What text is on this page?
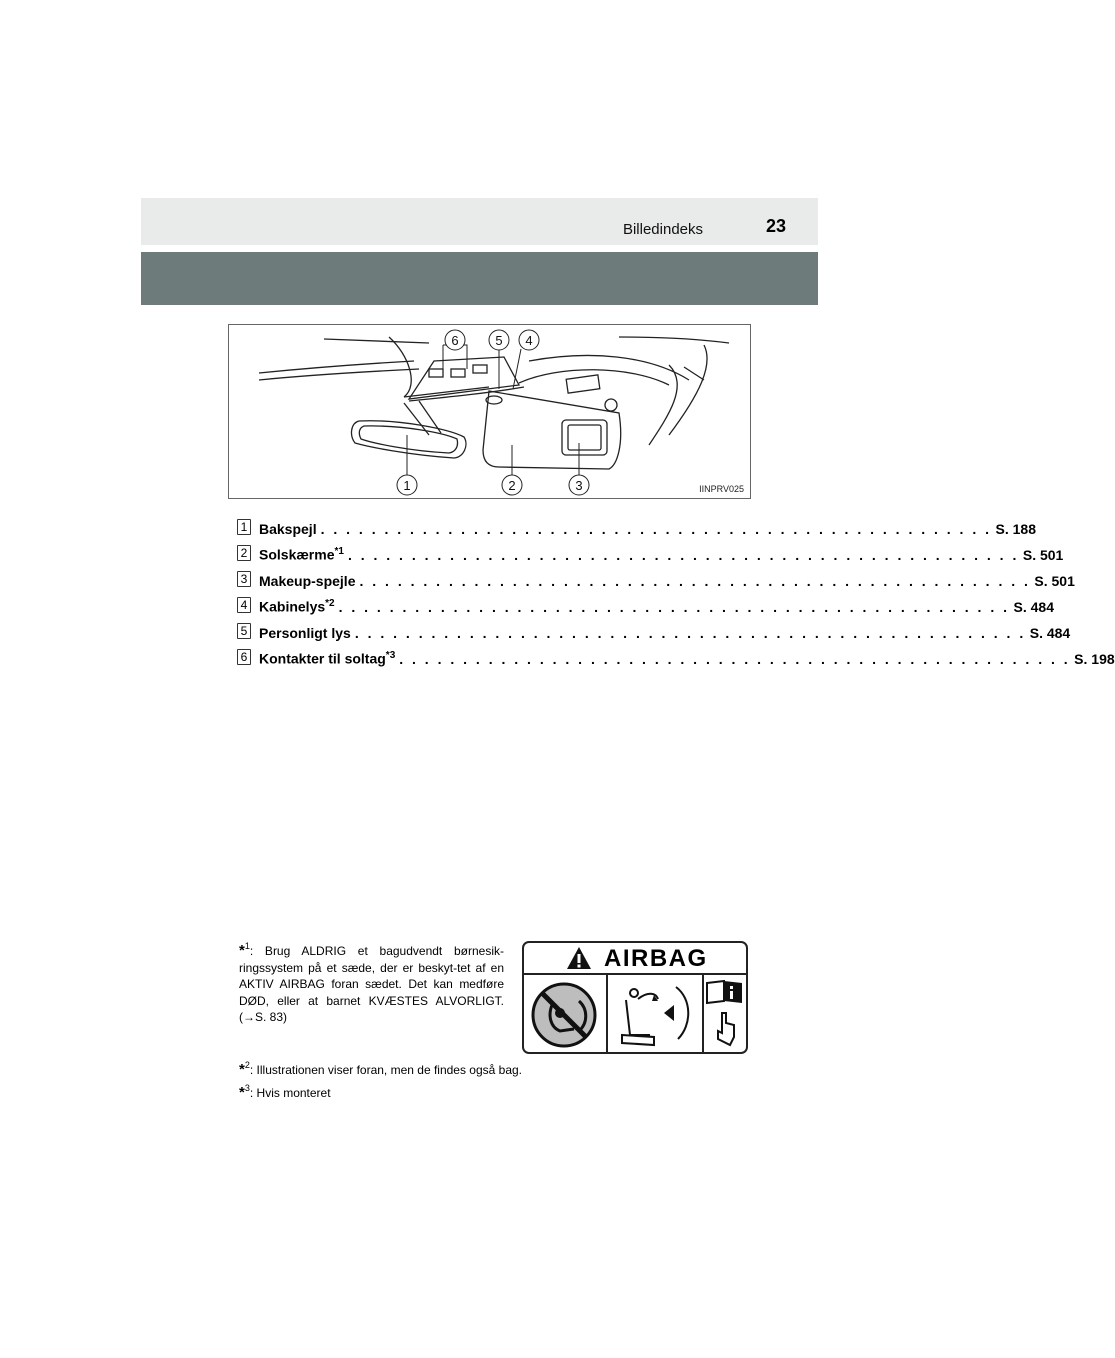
Billedindeks	23
6	5 4
1	2	3	IINPRV025
1 Bakspejl . . . . . . . . . . . . . . . . . . . . . . . . . . . . . . . . . . . . . . . . . . . . . . . . . . . . . S. 188
2 Solskærme$^{*1}$ . . . . . . . . . . . . . . . . . . . . . . . . . . . . . . . . . . . . . . . . . . . . . . . . . . . . . S. 501
3 Makeup-spejle . . . . . . . . . . . . . . . . . . . . . . . . . . . . . . . . . . . . . . . . . . . . . . . . . . . . . S. 501
4 Kabinelys$^{*2}$ . . . . . . . . . . . . . . . . . . . . . . . . . . . . . . . . . . . . . . . . . . . . . . . . . . . . . S. 484
5 Personligt lys . . . . . . . . . . . . . . . . . . . . . . . . . . . . . . . . . . . . . . . . . . . . . . . . . . . . . S. 484
6 Kontakter til soltag$^{*3}$ . . . . . . . . . . . . . . . . . . . . . . . . . . . . . . . . . . . . . . . . . . . . . . . . . . . . . S. 198
*$^1$: Brug ALDRIG et bagudvendt børnesik-ringssystem på et sæde, der er beskyt-tet af en AKTIV AIRBAG foran sædet. Det kan medføre DØD, eller at barnet KVÆSTES ALVORLIGT. (→S. 83)
*$^2$: Illustrationen viser foran, men de findes også bag.
*$^3$: Hvis monteret
AIRBAG
